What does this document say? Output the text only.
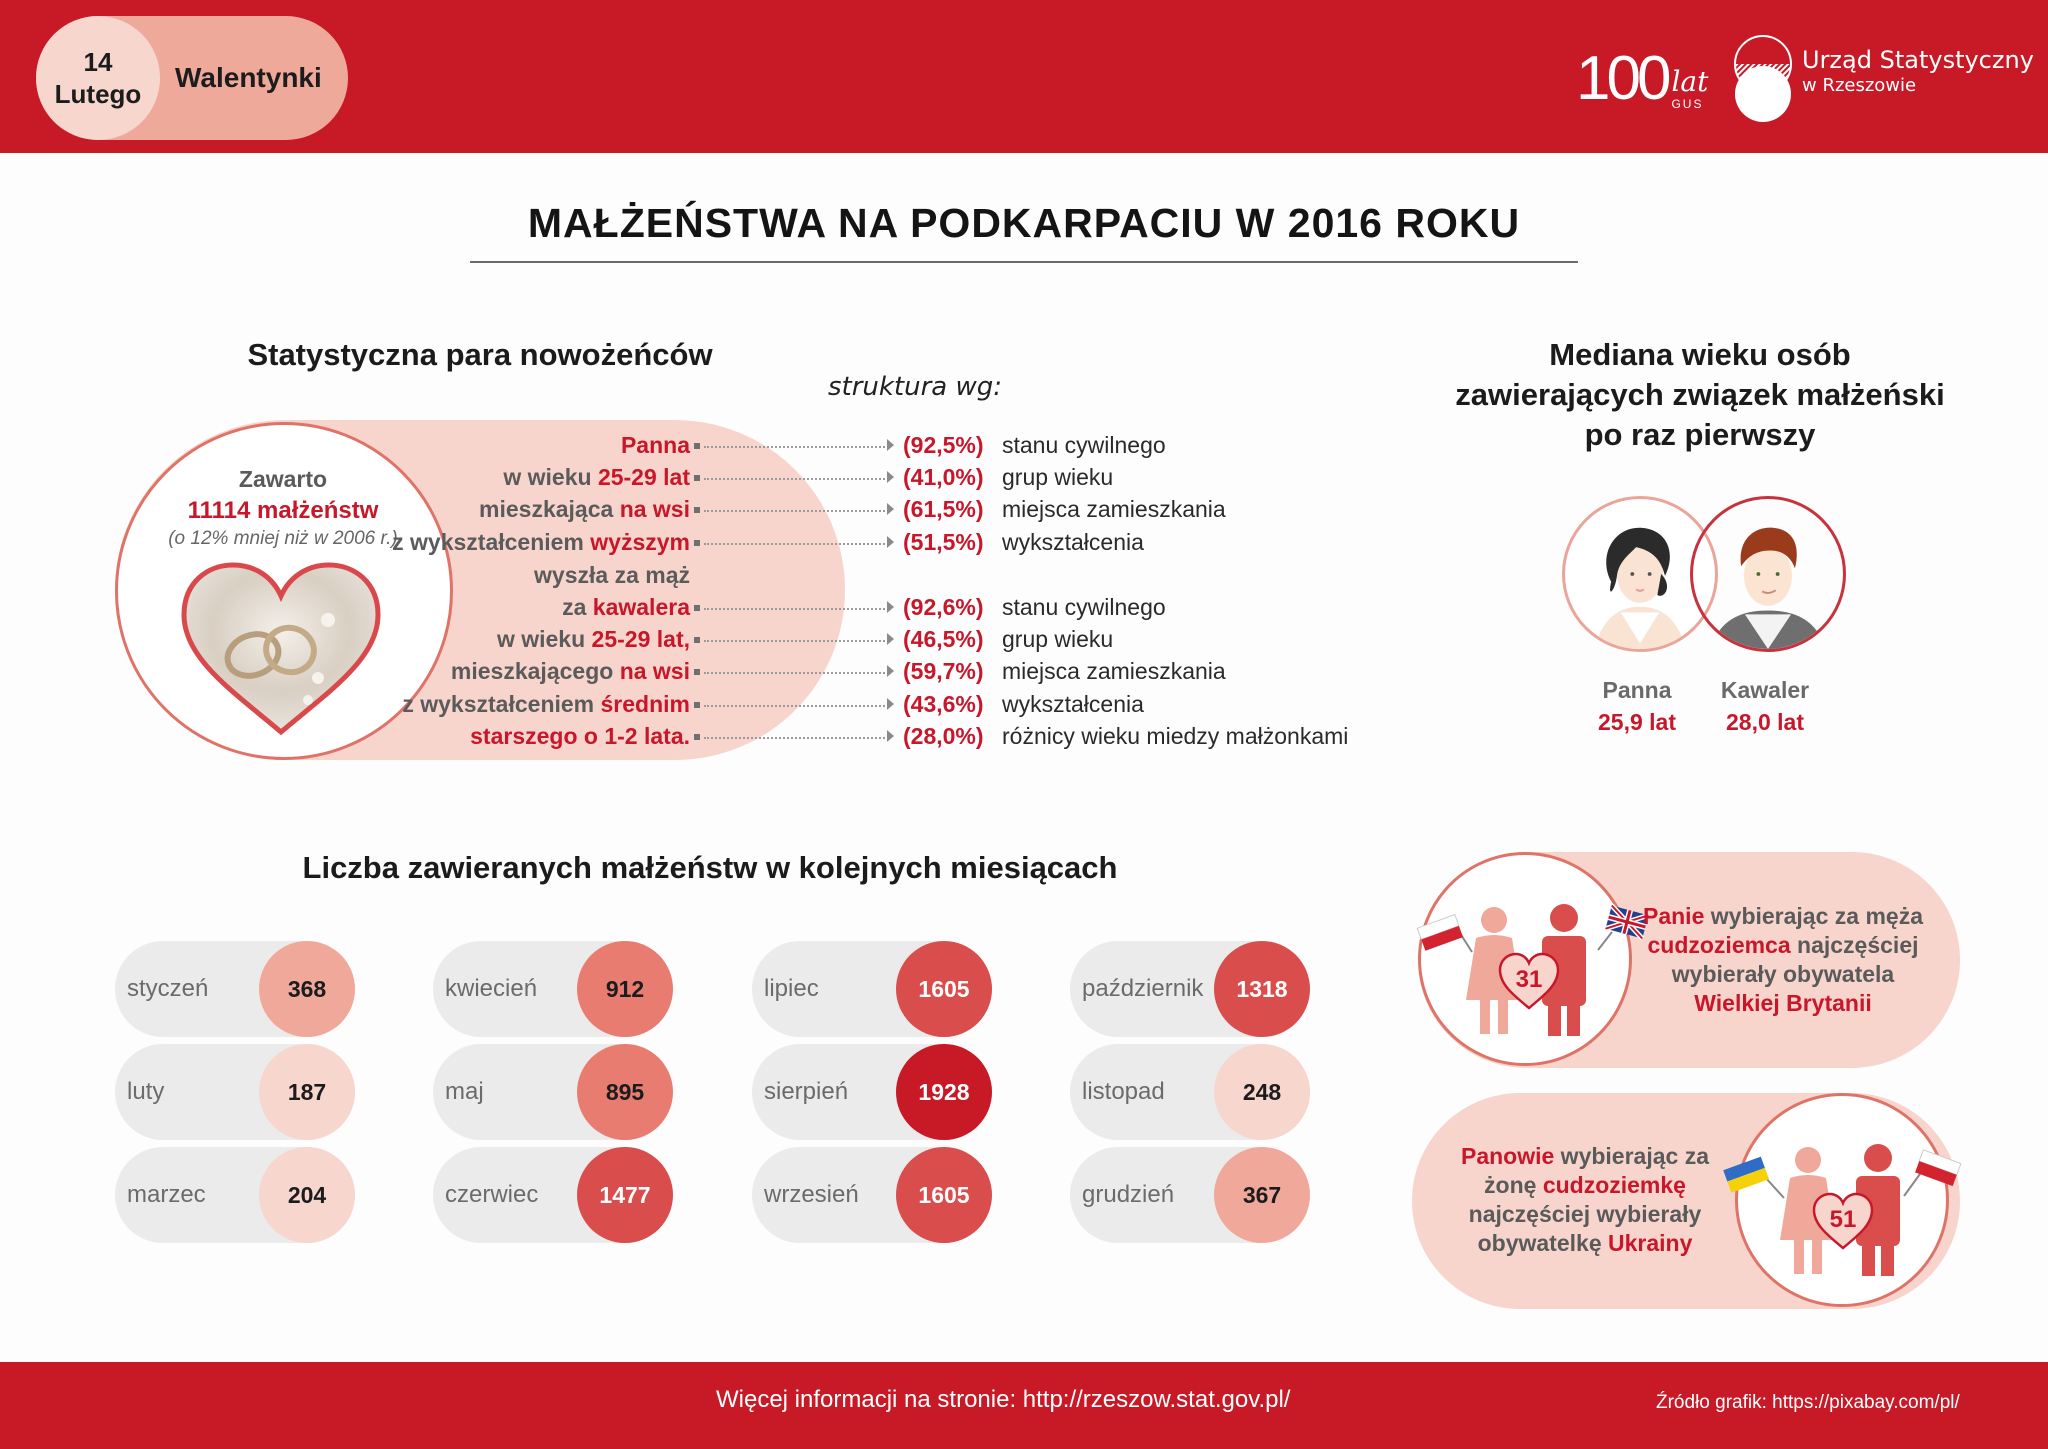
14
Lutego
Walentynki	100 lat
GUS
Urząd Statystyczny
w Rzeszowie
MAŁŻEŃSTWA NA PODKARPACIU W 2016 ROKU
Statystyczna para nowożeńców
struktura wg:
Zawarto
11114 małżeństw
(o 12% mniej niż w 2006 r.)
Panna	(92,5%) stanu cywilnego
w wieku 25-29 lat	(41,0%) grup wieku
mieszkająca na wsi	(61,5%) miejsca zamieszkania
z wykształceniem wyższym	(51,5%) wykształcenia
wyszła za mąż
za kawalera	(92,6%) stanu cywilnego
w wieku 25-29 lat,	(46,5%) grup wieku
mieszkającego na wsi	(59,7%) miejsca zamieszkania
z wykształceniem średnim	(43,6%) wykształcenia
starszego o 1-2 lata.	(28,0%) różnicy wieku miedzy małżonkami
Mediana wieku osób
zawierających związek małżeński
po raz pierwszy
Panna
25,9 lat
Kawaler
28,0 lat
Liczba zawieranych małżeństw w kolejnych miesiącach
styczeń	368
luty	187
marzec	204
kwiecień	912
maj	895
czerwiec	1477
lipiec	1605
sierpień	1928
wrzesień	1605
październik	1318
listopad	248
grudzień	367
31
Panie wybierając za męża
cudzoziemca najczęściej
wybierały obywatela
Wielkiej Brytanii
51
Panowie wybierając za
żonę cudzoziemkę
najczęściej wybierały
obywatelkę Ukrainy
Więcej informacji na stronie: http://rzeszow.stat.gov.pl/	Źródło grafik: https://pixabay.com/pl/
